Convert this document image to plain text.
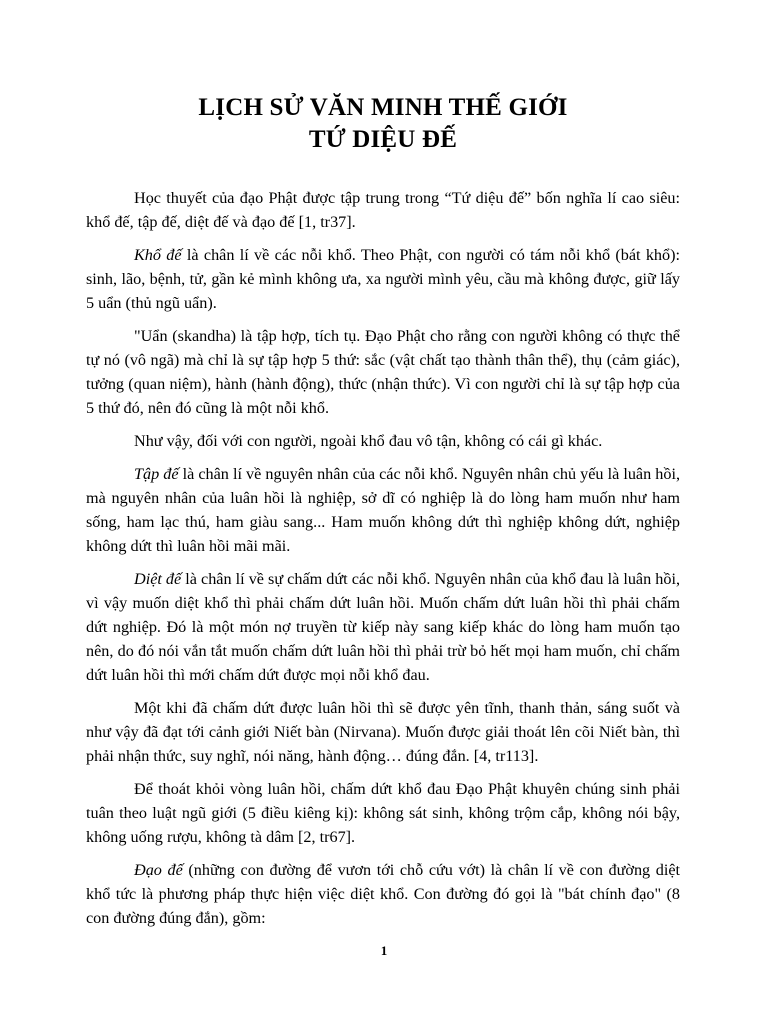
LỊCH SỬ VĂN MINH THẾ GIỚI
TỨ DIỆU ĐẾ

Học thuyết của đạo Phật được tập trung trong “Tứ diệu đế” bốn nghĩa lí cao siêu: khổ đế, tập đế, diệt đế và đạo đế [1, tr37].

Khổ đế là chân lí về các nỗi khổ. Theo Phật, con người có tám nỗi khổ (bát khổ): sinh, lão, bệnh, tử, gần kẻ mình không ưa, xa người mình yêu, cầu mà không được, giữ lấy 5 uẩn (thủ ngũ uẩn).

"Uẩn (skandha) là tập hợp, tích tụ. Đạo Phật cho rằng con người không có thực thể tự nó (vô ngã) mà chỉ là sự tập hợp 5 thứ: sắc (vật chất tạo thành thân thể), thụ (cảm giác), tưởng (quan niệm), hành (hành động), thức (nhận thức). Vì con người chỉ là sự tập hợp của 5 thứ đó, nên đó cũng là một nỗi khổ.

Như vậy, đối với con người, ngoài khổ đau vô tận, không có cái gì khác.

Tập đế là chân lí về nguyên nhân của các nỗi khổ. Nguyên nhân chủ yếu là luân hồi, mà nguyên nhân của luân hồi là nghiệp, sở dĩ có nghiệp là do lòng ham muốn như ham sống, ham lạc thú, ham giàu sang... Ham muốn không dứt thì nghiệp không dứt, nghiệp không dứt thì luân hồi mãi mãi.

Diệt đế là chân lí về sự chấm dứt các nỗi khổ. Nguyên nhân của khổ đau là luân hồi, vì vậy muốn diệt khổ thì phải chấm dứt luân hồi. Muốn chấm dứt luân hồi thì phải chấm dứt nghiệp. Đó là một món nợ truyền từ kiếp này sang kiếp khác do lòng ham muốn tạo nên, do đó nói vắn tắt muốn chấm dứt luân hồi thì phải trừ bỏ hết mọi ham muốn, chỉ chấm dứt luân hồi thì mới chấm dứt được mọi nỗi khổ đau.

Một khi đã chấm dứt được luân hồi thì sẽ được yên tĩnh, thanh thản, sáng suốt và như vậy đã đạt tới cảnh giới Niết bàn (Nirvana). Muốn được giải thoát lên cõi Niết bàn, thì phải nhận thức, suy nghĩ, nói năng, hành động… đúng đắn. [4, tr113].

Để thoát khỏi vòng luân hồi, chấm dứt khổ đau Đạo Phật khuyên chúng sinh phải tuân theo luật ngũ giới (5 điều kiêng kị): không sát sinh, không trộm cắp, không nói bậy, không uống rượu, không tà dâm [2, tr67].

Đạo đế (những con đường để vươn tới chỗ cứu vớt) là chân lí về con đường diệt khổ tức là phương pháp thực hiện việc diệt khổ. Con đường đó gọi là "bát chính đạo" (8 con đường đúng đắn), gồm:

1
